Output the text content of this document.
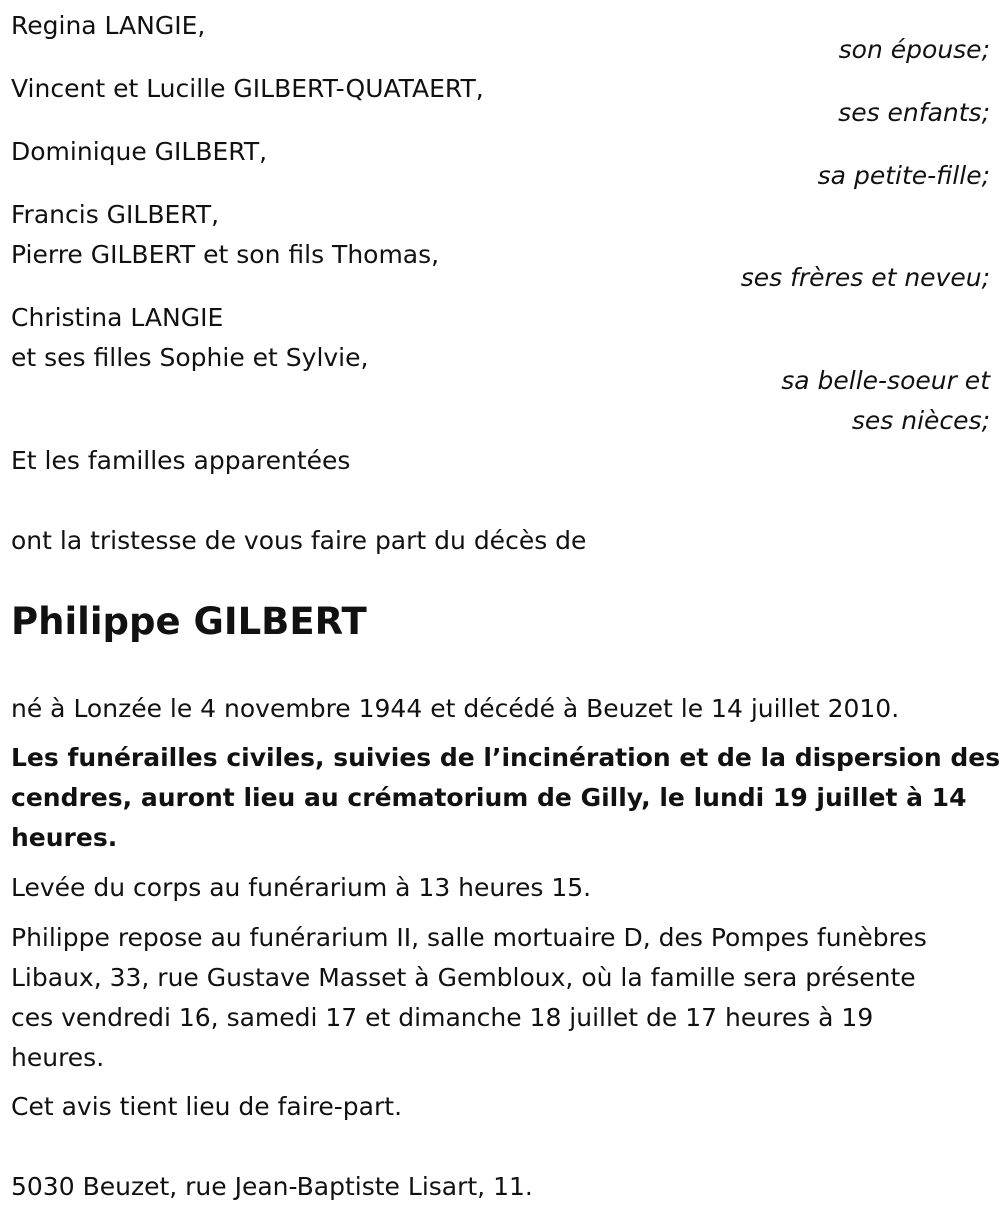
Regina LANGIE,

son épouse;

Vincent et Lucille GILBERT-QUATAERT,

ses enfants;

Dominique GILBERT,

sa petite-fille;

Francis GILBERT,

Pierre GILBERT et son fils Thomas,

ses frères et neveu;

Christina LANGIE

et ses filles Sophie et Sylvie,

sa belle-soeur et

ses nièces;

Et les familles apparentées

ont la tristesse de vous faire part du décès de

Philippe GILBERT

né à Lonzée le 4 novembre 1944 et décédé à Beuzet le 14 juillet 2010.

Les funérailles civiles, suivies de l’incinération et de la dispersion des
cendres, auront lieu au crématorium de Gilly, le lundi 19 juillet à 14
heures.

Levée du corps au funérarium à 13 heures 15.

Philippe repose au funérarium II, salle mortuaire D, des Pompes funèbres
Libaux, 33, rue Gustave Masset à Gembloux, où la famille sera présente
ces vendredi 16, samedi 17 et dimanche 18 juillet de 17 heures à 19
heures.

Cet avis tient lieu de faire-part.

5030 Beuzet, rue Jean-Baptiste Lisart, 11.
